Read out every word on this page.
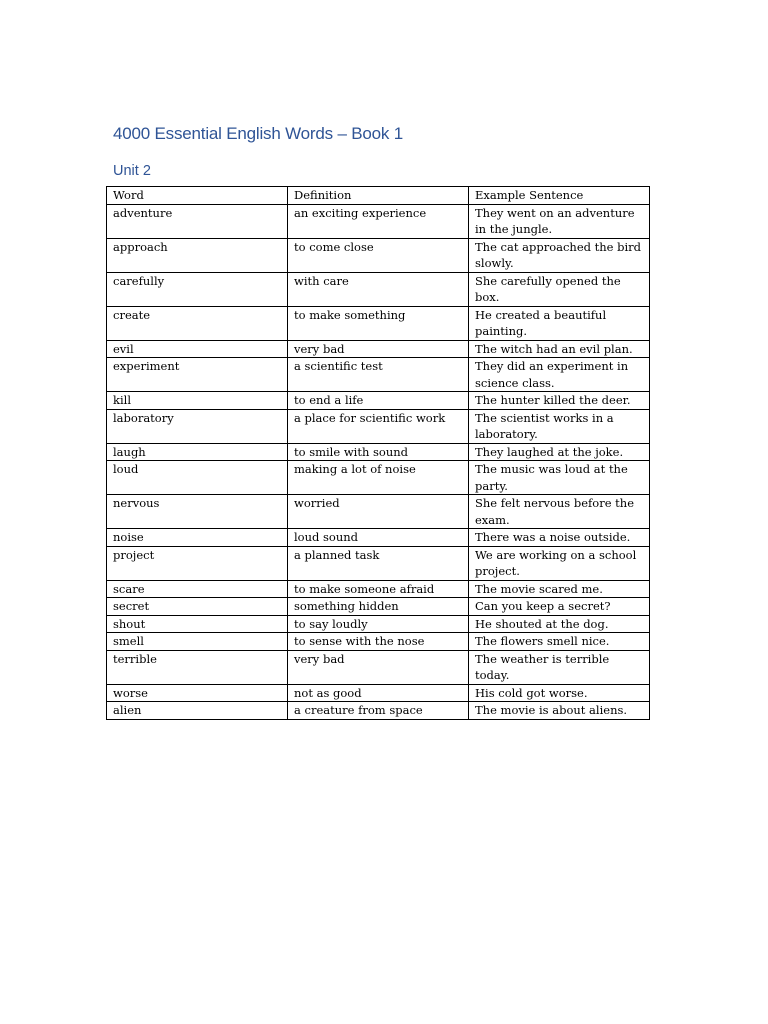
4000 Essential English Words – Book 1
Unit 2
Word	Definition	Example Sentence
adventure	an exciting experience	They went on an adventure in the jungle.
approach	to come close	The cat approached the bird slowly.
carefully	with care	She carefully opened the box.
create	to make something	He created a beautiful painting.
evil	very bad	The witch had an evil plan.
experiment	a scientific test	They did an experiment in science class.
kill	to end a life	The hunter killed the deer.
laboratory	a place for scientific work	The scientist works in a laboratory.
laugh	to smile with sound	They laughed at the joke.
loud	making a lot of noise	The music was loud at the party.
nervous	worried	She felt nervous before the exam.
noise	loud sound	There was a noise outside.
project	a planned task	We are working on a school project.
scare	to make someone afraid	The movie scared me.
secret	something hidden	Can you keep a secret?
shout	to say loudly	He shouted at the dog.
smell	to sense with the nose	The flowers smell nice.
terrible	very bad	The weather is terrible today.
worse	not as good	His cold got worse.
alien	a creature from space	The movie is about aliens.
